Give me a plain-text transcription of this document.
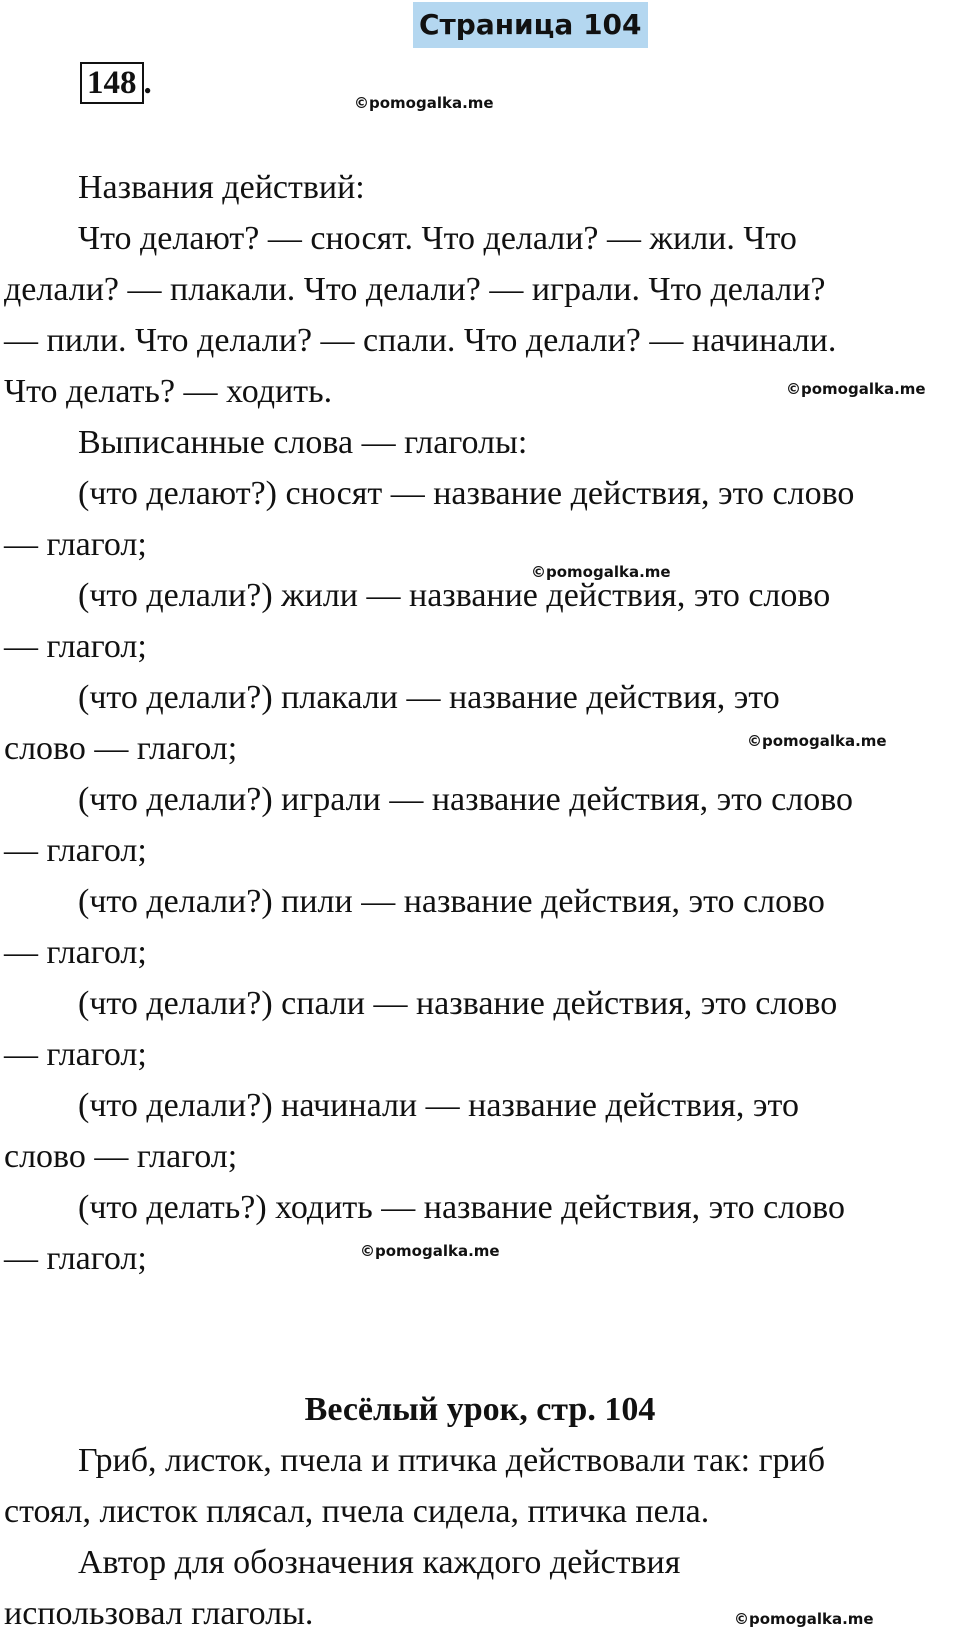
Страница 104
148 .
©pomogalka.me
©pomogalka.me
©pomogalka.me
©pomogalka.me
©pomogalka.me
©pomogalka.me
Названия действий:
Что делают? — сносят. Что делали? — жили. Что
делали? — плакали. Что делали? — играли. Что делали?
— пили. Что делали? — спали. Что делали? — начинали.
Что делать? — ходить.
Выписанные слова — глаголы:
(что делают?) сносят — название действия, это слово
— глагол;
(что делали?) жили — название действия, это слово
— глагол;
(что делали?) плакали — название действия, это
слово — глагол;
(что делали?) играли — название действия, это слово
— глагол;
(что делали?) пили — название действия, это слово
— глагол;
(что делали?) спали — название действия, это слово
— глагол;
(что делали?) начинали — название действия, это
слово — глагол;
(что делать?) ходить — название действия, это слово
— глагол;
Весёлый урок, стр. 104
Гриб, листок, пчела и птичка действовали так: гриб
стоял, листок плясал, пчела сидела, птичка пела.
Автор для обозначения каждого действия
использовал глаголы.
